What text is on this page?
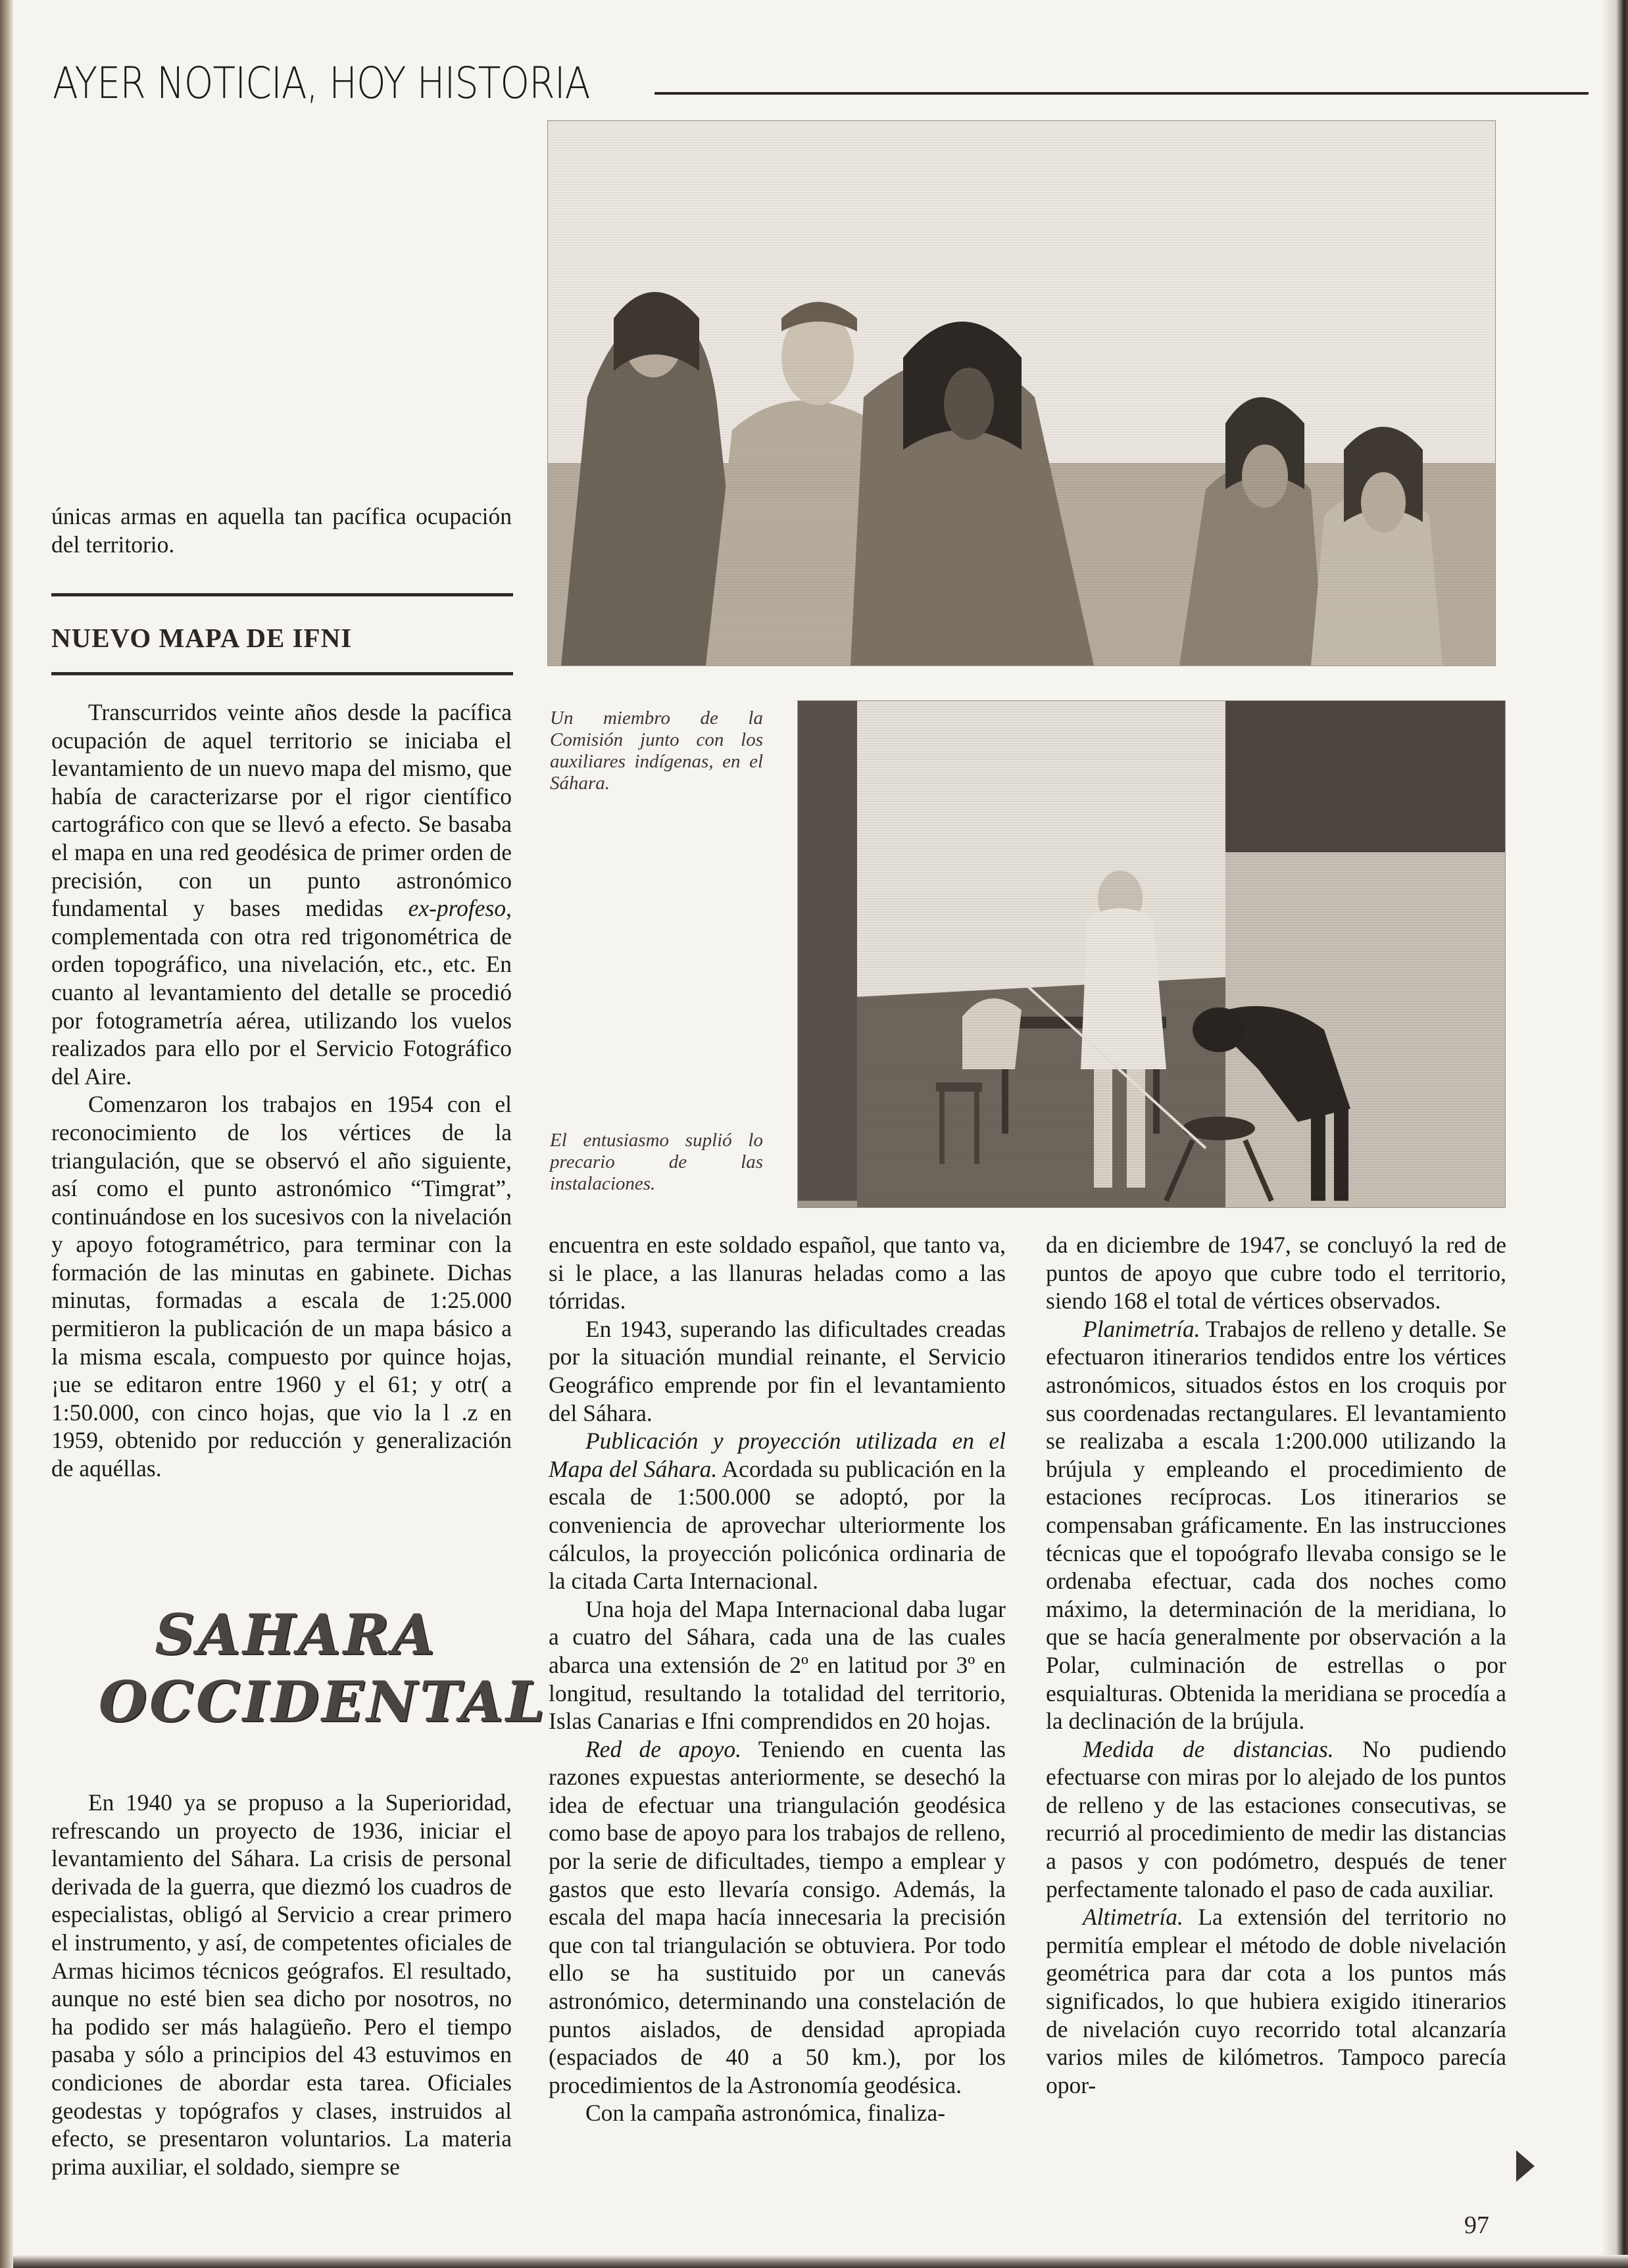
AYER NOTICIA, HOY HISTORIA
Un miembro de la Comisión junto con los auxiliares indígenas, en el Sáhara.
El entusiasmo suplió lo precario de las instalaciones.

únicas armas en aquella tan pacífica ocupación del territorio.

NUEVO MAPA DE IFNI

Transcurridos veinte años desde la pacífica ocupación de aquel territorio se iniciaba el levantamiento de un nuevo mapa del mismo, que había de caracterizarse por el rigor científico cartográfico con que se llevó a efecto. Se basaba el mapa en una red geodésica de primer orden de precisión, con un punto astronómico fundamental y bases medidas ex-profeso, complementada con otra red trigonométrica de orden topográfico, una nivelación, etc., etc. En cuanto al levantamiento del detalle se procedió por fotogrametría aérea, utilizando los vuelos realizados para ello por el Servicio Fotográfico del Aire.

Comenzaron los trabajos en 1954 con el reconocimiento de los vértices de la triangulación, que se observó el año siguiente, así como el punto astronómico “Timgrat”, continuándose en los sucesivos con la nivelación y apoyo fotogramétrico, para terminar con la formación de las minutas en gabinete. Dichas minutas, formadas a escala de 1:25.000 permitieron la publicación de un mapa básico a la misma escala, compuesto por quince hojas, ¡ue se editaron entre 1960 y el 61; y otr( a 1:50.000, con cinco hojas, que vio la l .z en 1959, obtenido por reducción y generalización de aquéllas.

SAHARA
OCCIDENTAL

En 1940 ya se propuso a la Superioridad, refrescando un proyecto de 1936, iniciar el levantamiento del Sáhara. La crisis de personal derivada de la guerra, que diezmó los cuadros de especialistas, obligó al Servicio a crear primero el instrumento, y así, de competentes oficiales de Armas hicimos técnicos geógrafos. El resultado, aunque no esté bien sea dicho por nosotros, no ha podido ser más halagüeño. Pero el tiempo pasaba y sólo a principios del 43 estuvimos en condiciones de abordar esta tarea. Oficiales geodestas y topógrafos y clases, instruidos al efecto, se presentaron voluntarios. La materia prima auxiliar, el soldado, siempre se

encuentra en este soldado español, que tanto va, si le place, a las llanuras heladas como a las tórridas.

En 1943, superando las dificultades creadas por la situación mundial reinante, el Servicio Geográfico emprende por fin el levantamiento del Sáhara.

Publicación y proyección utilizada en el Mapa del Sáhara. Acordada su publicación en la escala de 1:500.000 se adoptó, por la conveniencia de aprovechar ulteriormente los cálculos, la proyección policónica ordinaria de la citada Carta Internacional.

Una hoja del Mapa Internacional daba lugar a cuatro del Sáhara, cada una de las cuales abarca una extensión de 2º en latitud por 3º en longitud, resultando la totalidad del territorio, Islas Canarias e Ifni comprendidos en 20 hojas.

Red de apoyo. Teniendo en cuenta las razones expuestas anteriormente, se desechó la idea de efectuar una triangulación geodésica como base de apoyo para los trabajos de relleno, por la serie de dificultades, tiempo a emplear y gastos que esto llevaría consigo. Además, la escala del mapa hacía innecesaria la precisión que con tal triangulación se obtuviera. Por todo ello se ha sustituido por un canevás astronómico, determinando una constelación de puntos aislados, de densidad apropiada (espaciados de 40 a 50 km.), por los procedimientos de la Astronomía geodésica.

Con la campaña astronómica, finaliza-

da en diciembre de 1947, se concluyó la red de puntos de apoyo que cubre todo el territorio, siendo 168 el total de vértices observados.

Planimetría. Trabajos de relleno y detalle. Se efectuaron itinerarios tendidos entre los vértices astronómicos, situados éstos en los croquis por sus coordenadas rectangulares. El levantamiento se realizaba a escala 1:200.000 utilizando la brújula y empleando el procedimiento de estaciones recíprocas. Los itinerarios se compensaban gráficamente. En las instrucciones técnicas que el topoógrafo llevaba consigo se le ordenaba efectuar, cada dos noches como máximo, la determinación de la meridiana, lo que se hacía generalmente por observación a la Polar, culminación de estrellas o por esquialturas. Obtenida la meridiana se procedía a la declinación de la brújula.

Medida de distancias. No pudiendo efectuarse con miras por lo alejado de los puntos de relleno y de las estaciones consecutivas, se recurrió al procedimiento de medir las distancias a pasos y con podómetro, después de tener perfectamente talonado el paso de cada auxiliar.

Altimetría. La extensión del territorio no permitía emplear el método de doble nivelación geométrica para dar cota a los puntos más significados, lo que hubiera exigido itinerarios de nivelación cuyo recorrido total alcanzaría varios miles de kilómetros. Tampoco parecía opor-

97
